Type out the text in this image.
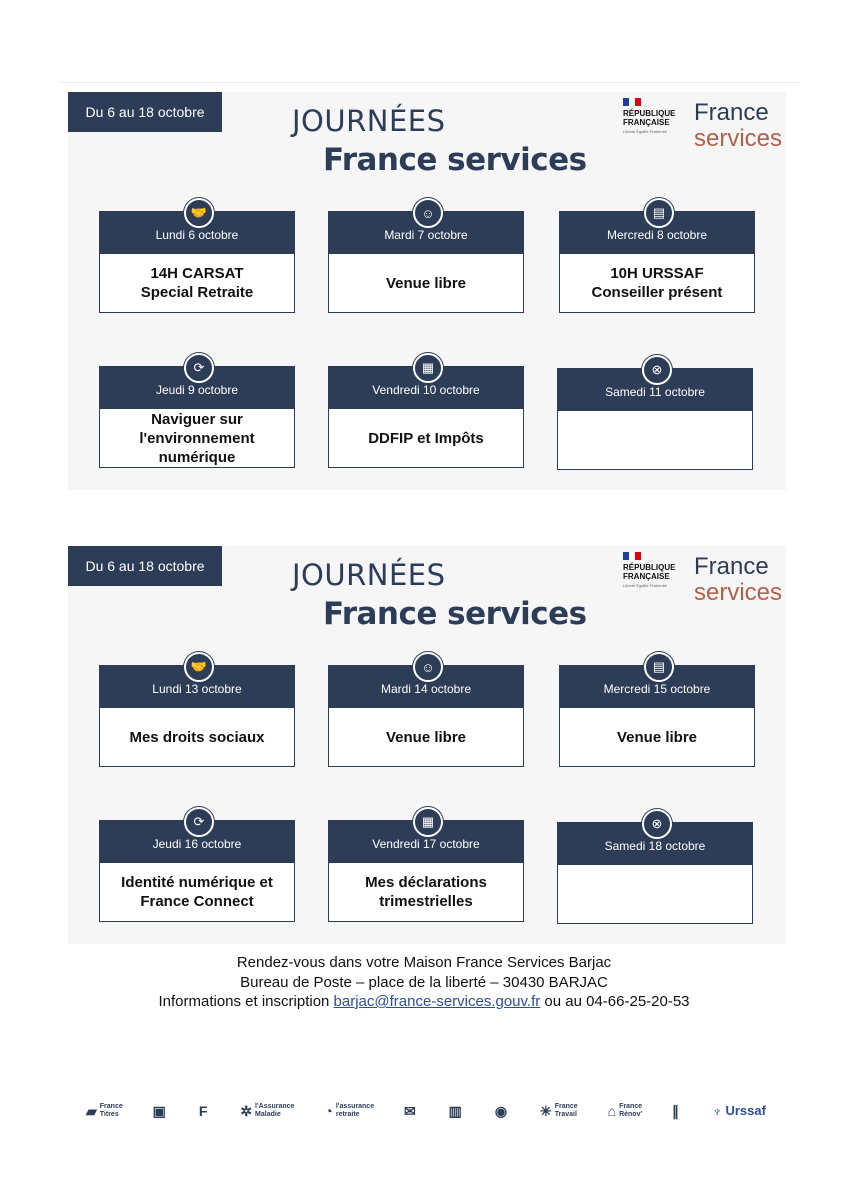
Du 6 au 18 octobre	JOURNÉES
France services
RÉPUBLIQUE
FRANÇAISE
Liberté Égalité Fraternité
France
services
🤝
Lundi 6 octobre
14H CARSAT
Special Retraite
☺
Mardi 7 octobre
Venue libre
▤
Mercredi 8 octobre
10H URSSAF
Conseiller présent
⟳
Jeudi 9 octobre
Naviguer sur
l'environnement
numérique
▦
Vendredi 10 octobre
DDFIP et Impôts
⊗
Samedi 11 octobre
Du 6 au 18 octobre	JOURNÉES
France services
RÉPUBLIQUE
FRANÇAISE
Liberté Égalité Fraternité
France
services
🤝
Lundi 13 octobre
Mes droits sociaux
☺
Mardi 14 octobre
Venue libre
▤
Mercredi 15 octobre
Venue libre
⟳
Jeudi 16 octobre
Identité numérique et
France Connect
▦
Vendredi 17 octobre
Mes déclarations
trimestrielles
⊗
Samedi 18 octobre
Rendez-vous dans votre Maison France Services Barjac
Bureau de Poste – place de la liberté – 30430 BARJAC
Informations et inscription barjac@france-services.gouv.fr ou au 04-66-25-20-53
▰ France
Titres ▣ F ✲ l'Assurance
Maladie	◔ l'assurance
retraite	✉ ▥ ◉ ✳ France
Travail ⌂ France
Rénov' ∥ ♆ Urssaf
